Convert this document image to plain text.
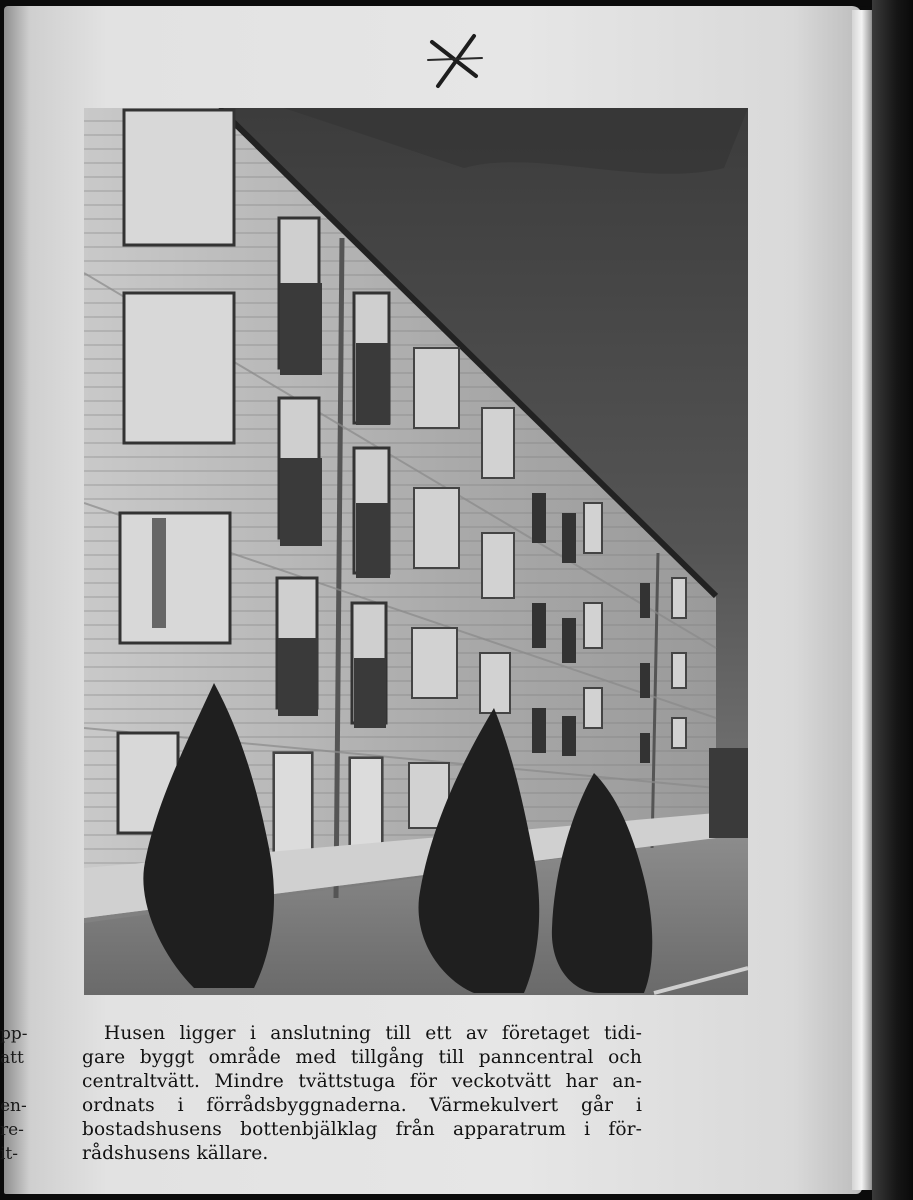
Husen ligger i anslutning till ett av företaget tidi-
gare byggt område med tillgång till panncentral och
centraltvätt. Mindre tvättstuga för veckotvätt har an-
ordnats i förrådsbyggnaderna. Värmekulvert går i
bostadshusens bottenbjälklag från apparatrum i för-
rådshusens källare.

pp-
att
en-
re-
it-
